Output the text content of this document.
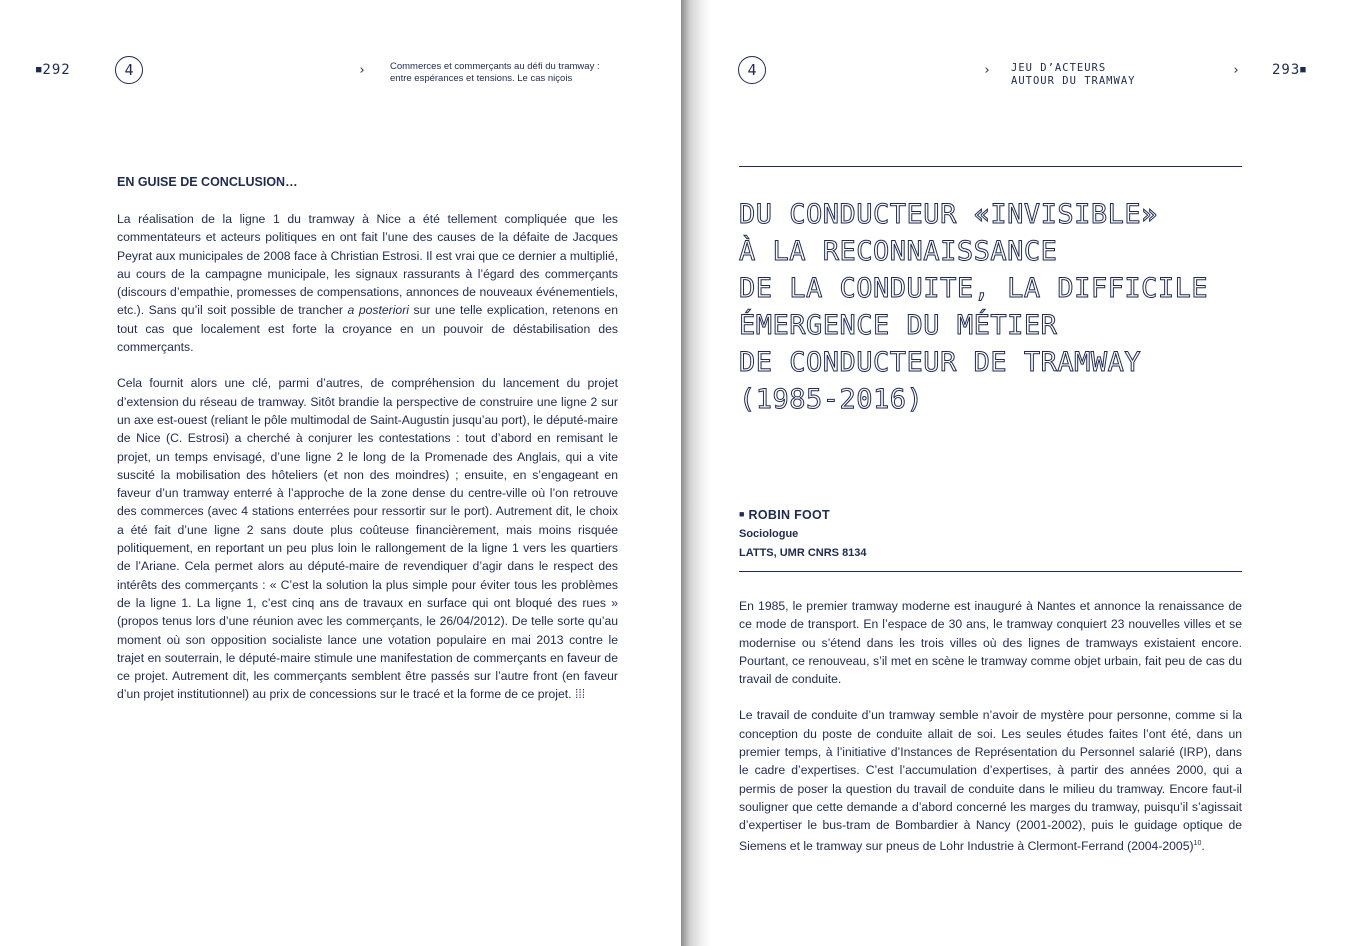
■292	4	›	Commerces et commerçants au défi du tramway :
entre espérances et tensions. Le cas niçois
EN GUISE DE CONCLUSION…

La réalisation de la ligne 1 du tramway à Nice a été tellement compliquée que les commentateurs et acteurs politiques en ont fait l’une des causes de la défaite de Jacques Peyrat aux municipales de 2008 face à Christian Estrosi. Il est vrai que ce dernier a multiplié, au cours de la campagne municipale, les signaux rassurants à l’égard des commerçants (discours d’empathie, promesses de compensations, annonces de nouveaux événementiels, etc.). Sans qu’il soit possible de trancher a posteriori sur une telle explication, retenons en tout cas que localement est forte la croyance en un pouvoir de déstabilisation des commerçants.

Cela fournit alors une clé, parmi d’autres, de compréhension du lancement du projet d’extension du réseau de tramway. Sitôt brandie la perspective de construire une ligne 2 sur un axe est-ouest (reliant le pôle multimodal de Saint-Augustin jusqu’au port), le député-maire de Nice (C. Estrosi) a cherché à conjurer les contestations : tout d’abord en remisant le projet, un temps envisagé, d’une ligne 2 le long de la Promenade des Anglais, qui a vite suscité la mobilisation des hôteliers (et non des moindres) ; ensuite, en s’engageant en faveur d’un tramway enterré à l’approche de la zone dense du centre-ville où l’on retrouve des commerces (avec 4 stations enterrées pour ressortir sur le port). Autrement dit, le choix a été fait d’une ligne 2 sans doute plus coûteuse financièrement, mais moins risquée politiquement, en reportant un peu plus loin le rallongement de la ligne 1 vers les quartiers de l’Ariane. Cela permet alors au député-maire de revendiquer d’agir dans le respect des intérêts des commerçants : « C’est la solution la plus simple pour éviter tous les problèmes de la ligne 1. La ligne 1, c’est cinq ans de travaux en surface qui ont bloqué des rues » (propos tenus lors d’une réunion avec les commerçants, le 26/04/2012). De telle sorte qu’au moment où son opposition socialiste lance une votation populaire en mai 2013 contre le trajet en souterrain, le député-maire stimule une manifestation de commerçants en faveur de ce projet. Autrement dit, les commerçants semblent être passés sur l’autre front (en faveur d’un projet institutionnel) au prix de concessions sur le tracé et la forme de ce projet. ⁞⁞⁞

4	› JEU D’ACTEURS
AUTOUR DU TRAMWAY
› 293■
DU CONDUCTEUR «INVISIBLE»
À LA RECONNAISSANCE
DE LA CONDUITE, LA DIFFICILE
ÉMERGENCE DU MÉTIER
DE CONDUCTEUR DE TRAMWAY
(1985-2016)
■ ROBIN FOOT
Sociologue
LATTS, UMR CNRS 8134

En 1985, le premier tramway moderne est inauguré à Nantes et annonce la renaissance de ce mode de transport. En l’espace de 30 ans, le tramway conquiert 23 nouvelles villes et se modernise ou s’étend dans les trois villes où des lignes de tramways existaient encore. Pourtant, ce renouveau, s’il met en scène le tramway comme objet urbain, fait peu de cas du travail de conduite.

Le travail de conduite d’un tramway semble n’avoir de mystère pour personne, comme si la conception du poste de conduite allait de soi. Les seules études faites l’ont été, dans un premier temps, à l’initiative d’Instances de Représentation du Personnel salarié (IRP), dans le cadre d’expertises. C’est l’accumulation d’expertises, à partir des années 2000, qui a permis de poser la question du travail de conduite dans le milieu du tramway. Encore faut-il souligner que cette demande a d’abord concerné les marges du tramway, puisqu’il s’agissait d’expertiser le bus-tram de Bombardier à Nancy (2001-2002), puis le guidage optique de Siemens et le tramway sur pneus de Lohr Industrie à Clermont-Ferrand (2004-2005)$^{10}$.
